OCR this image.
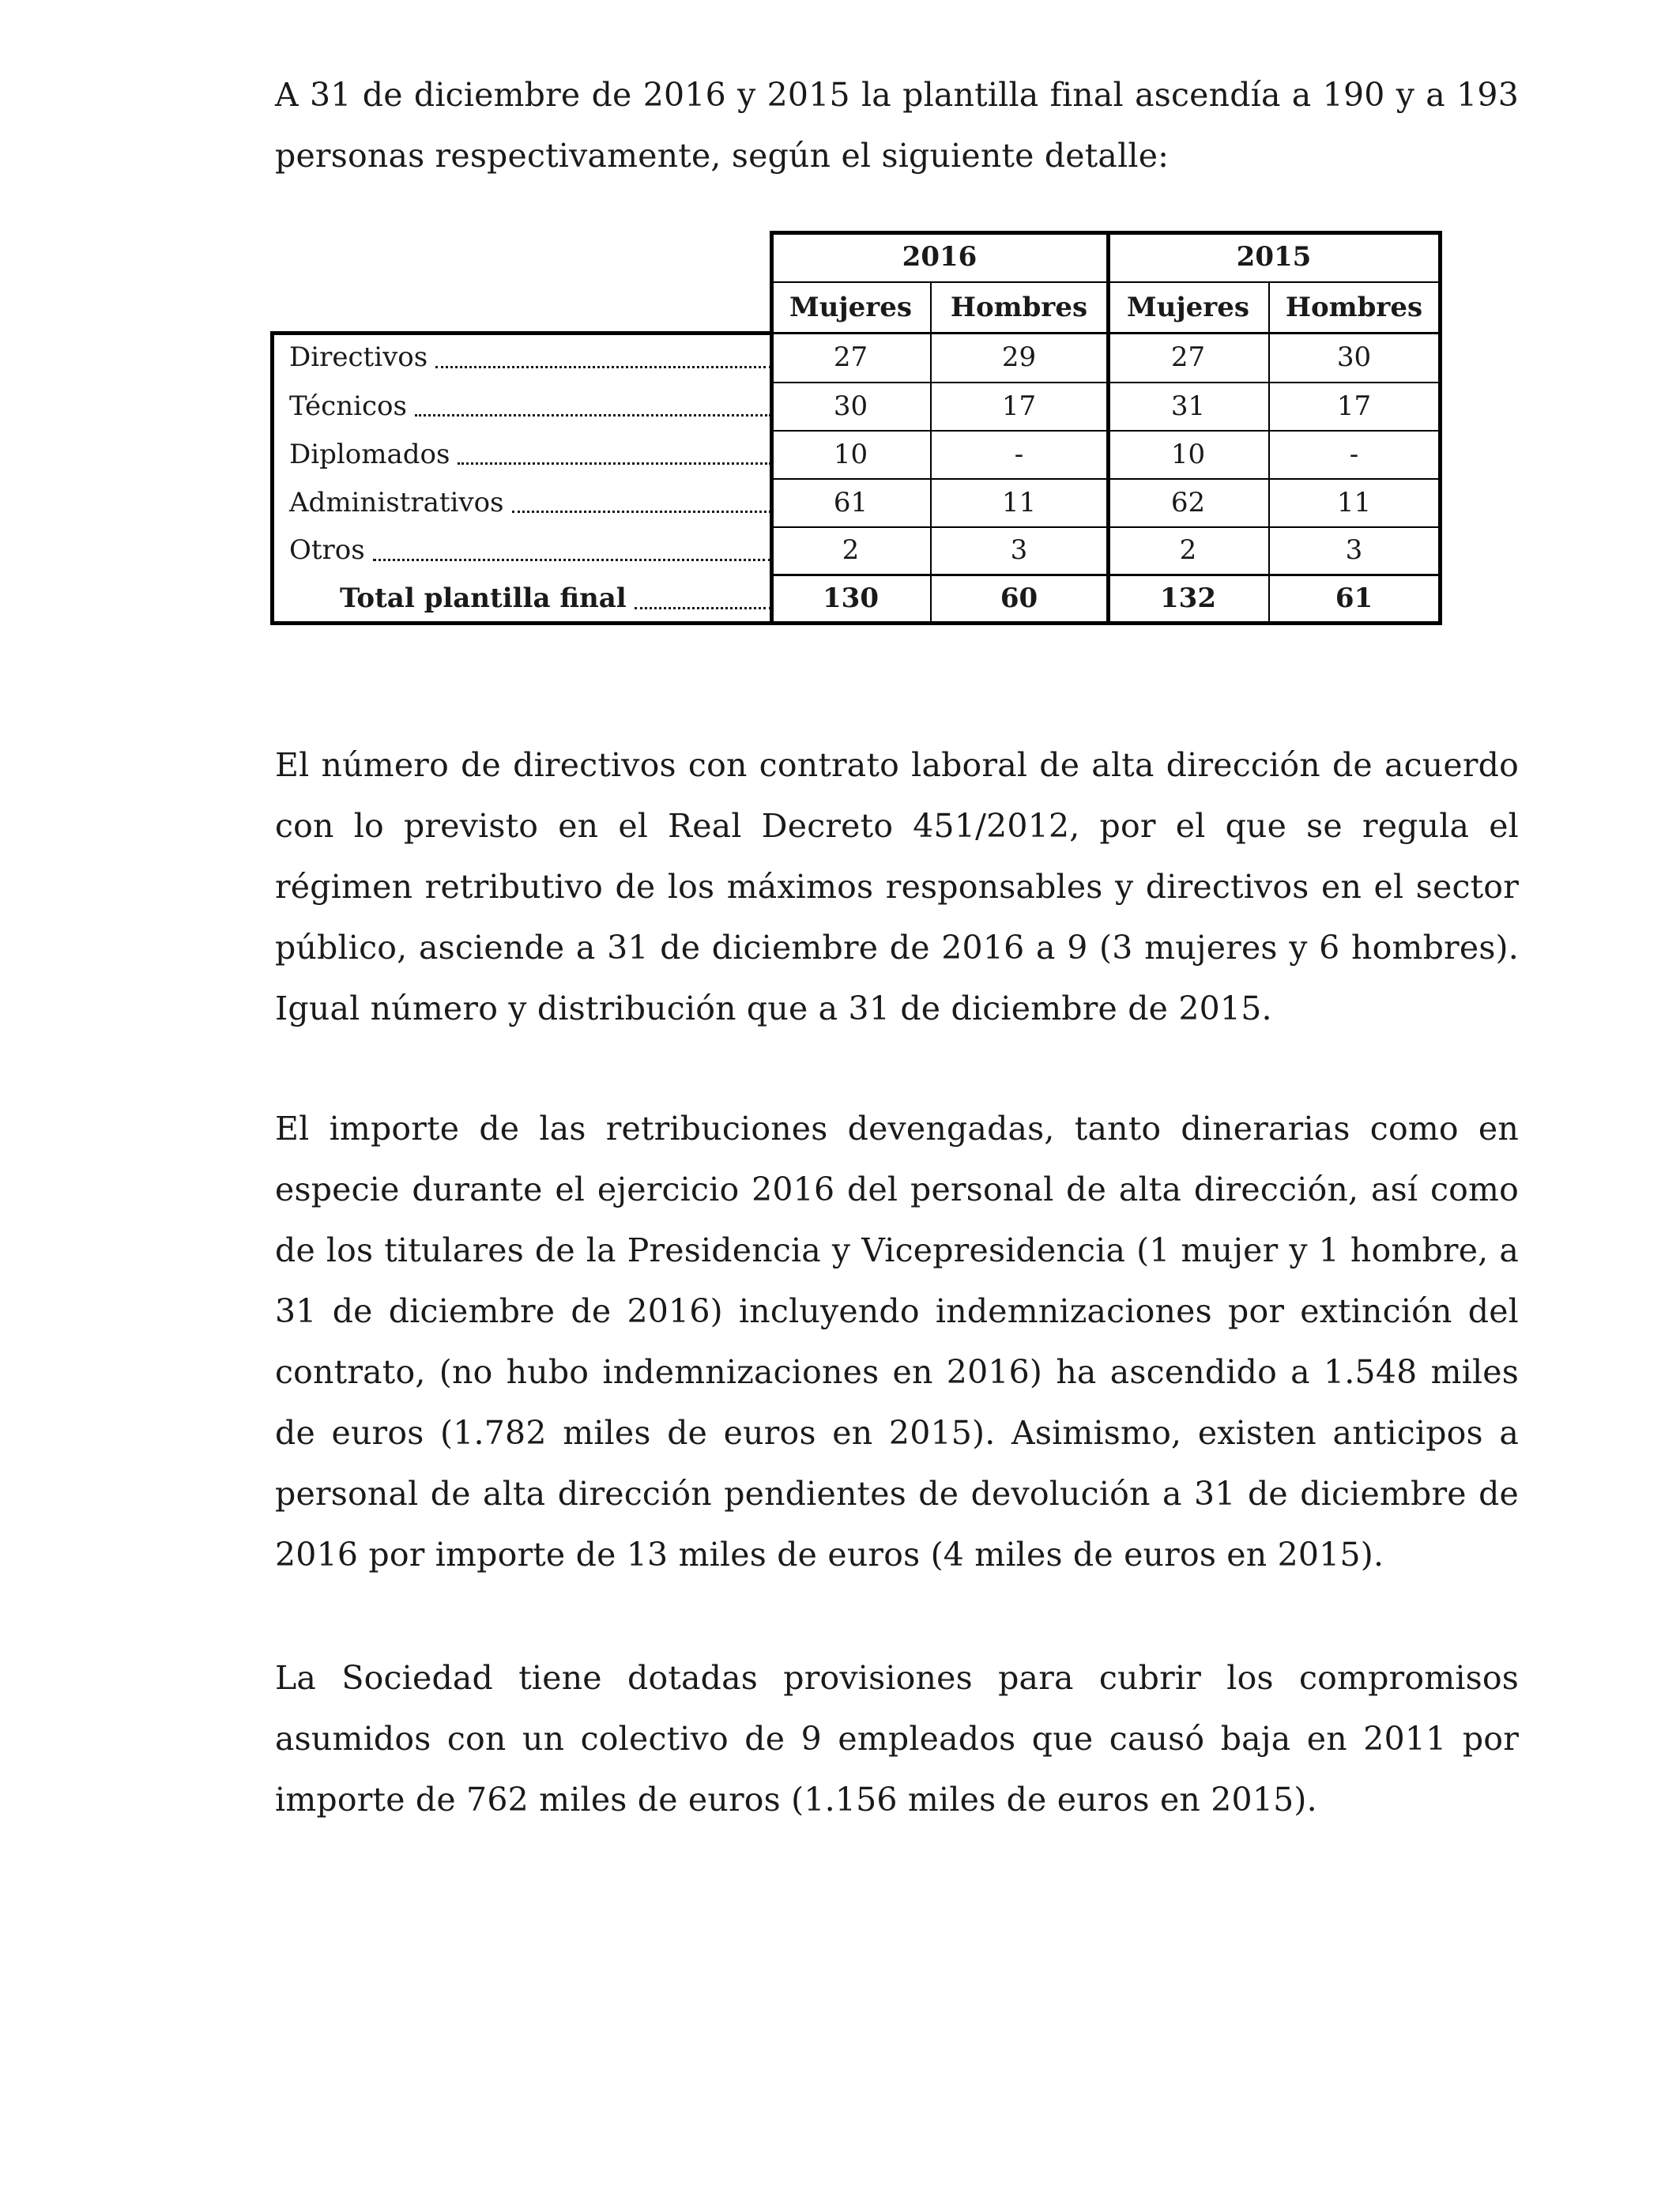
A 31 de diciembre de 2016 y 2015 la plantilla final ascendía a 190 y a 193 personas respectivamente, según el siguiente detalle:

2016	2015
Mujeres	Hombres	Mujeres	Hombres
Directivos	27	29	27	30
Técnicos	30	17	31	17
Diplomados	10	-	10	-
Administrativos	61	11	62	11
Otros	2	3	2	3
Total plantilla final	130	60	132	61

El número de directivos con contrato laboral de alta dirección de acuerdo con lo previsto en el Real Decreto 451/2012, por el que se regula el régimen retributivo de los máximos responsables y directivos en el sector público, asciende a 31 de diciembre de 2016 a 9 (3 mujeres y 6 hombres). Igual número y distribución que a 31 de diciembre de 2015.

El importe de las retribuciones devengadas, tanto dinerarias como en especie durante el ejercicio 2016 del personal de alta dirección, así como de los titulares de la Presidencia y Vicepresidencia (1 mujer y 1 hombre, a 31 de diciembre de 2016) incluyendo indemnizaciones por extinción del contrato, (no hubo indemnizaciones en 2016) ha ascendido a 1.548 miles de euros (1.782 miles de euros en 2015). Asimismo, existen anticipos a personal de alta dirección pendientes de devolución a 31 de diciembre de 2016 por importe de 13 miles de euros (4 miles de euros en 2015).

La Sociedad tiene dotadas provisiones para cubrir los compromisos asumidos con un colectivo de 9 empleados que causó baja en 2011 por importe de 762 miles de euros (1.156 miles de euros en 2015).
